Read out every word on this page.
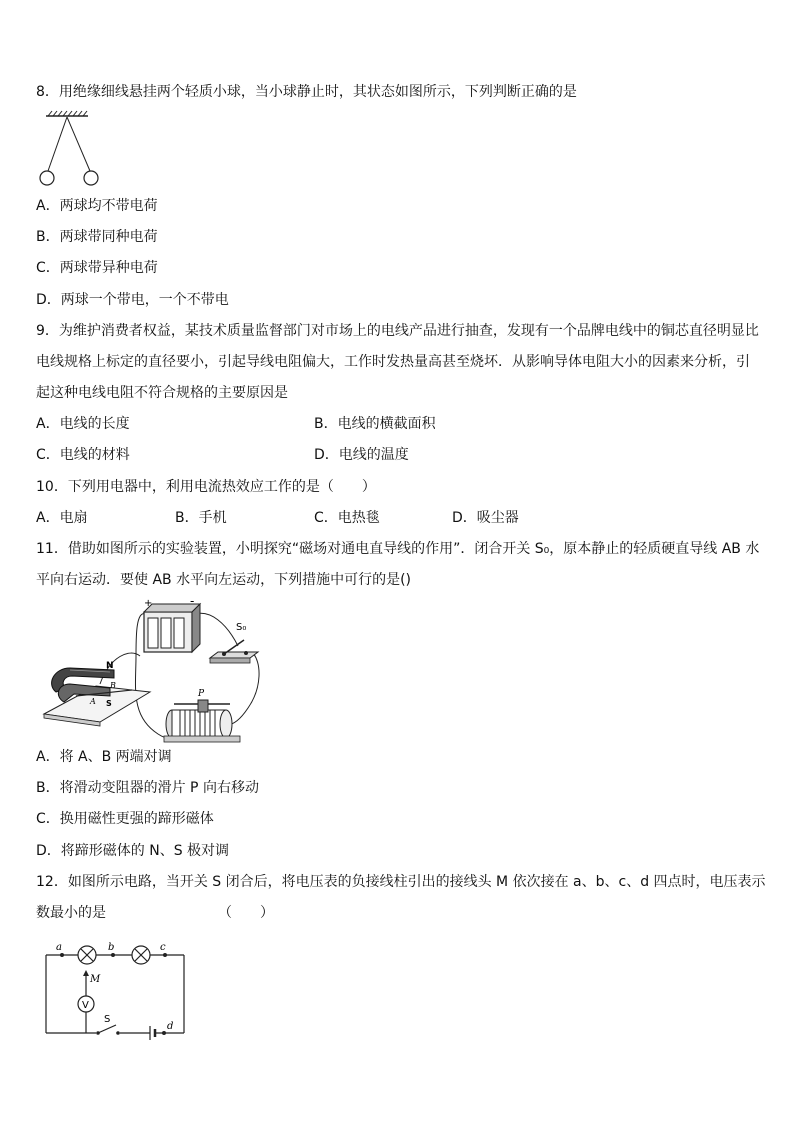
8．用绝缘细线悬挂两个轻质小球，当小球静止时，其状态如图所示，下列判断正确的是
A．两球均不带电荷
B．两球带同种电荷
C．两球带异种电荷
D．两球一个带电，一个不带电
9．为维护消费者权益，某技术质量监督部门对市场上的电线产品进行抽查，发现有一个品牌电线中的铜芯直径明显比
电线规格上标定的直径要小，引起导线电阻偏大，工作时发热量高甚至烧坏．从影响导体电阻大小的因素来分析，引
起这种电线电阻不符合规格的主要原因是
A．电线的长度	B．电线的横截面积
C．电线的材料	D．电线的温度
10．下列用电器中，利用电流热效应工作的是（　　）
A．电扇	B．手机	C．电热毯	D．吸尘器
11．借助如图所示的实验装置，小明探究“磁场对通电直导线的作用”．闭合开关 S₀，原本静止的轻质硬直导线 AB 水
平向右运动．要使 AB 水平向左运动，下列措施中可行的是()
+	-
S₀
N
B
A S
P
A．将 A、B 两端对调
B．将滑动变阻器的滑片 P 向右移动
C．换用磁性更强的蹄形磁体
D．将蹄形磁体的 N、S 极对调
12．如图所示电路，当开关 S 闭合后，将电压表的负接线柱引出的接线头 M 依次接在 a、b、c、d 四点时，电压表示
数最小的是	（　　）
a	b	c
M
V
S
d
